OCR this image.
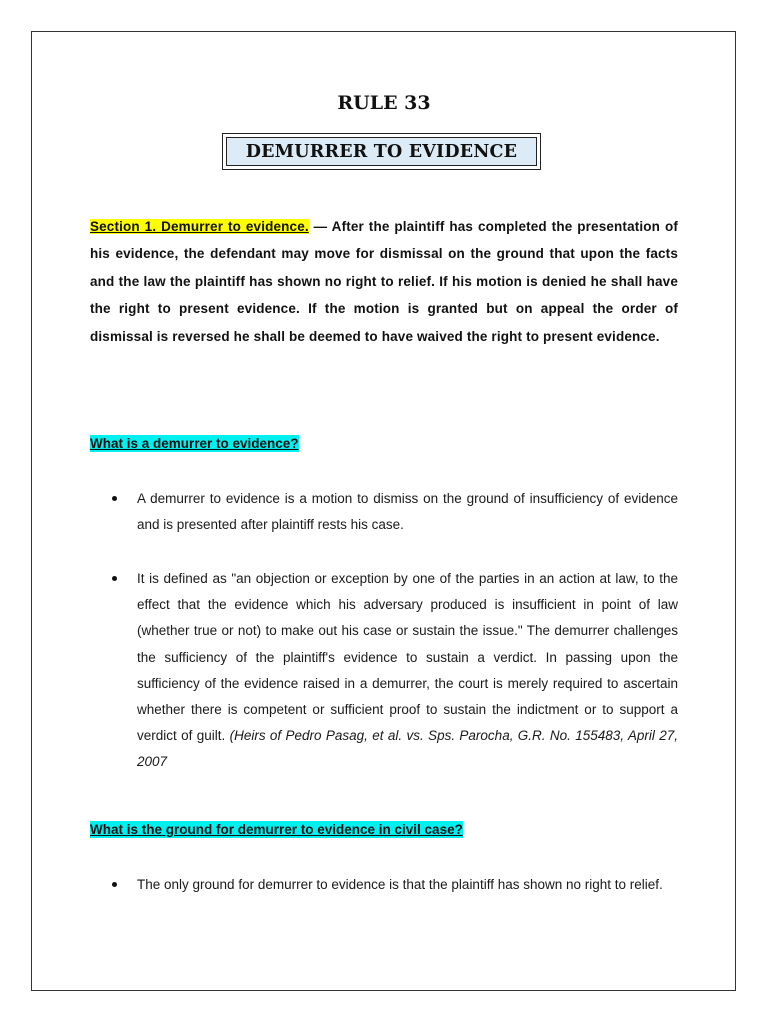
RULE 33
DEMURRER TO EVIDENCE
Section 1. Demurrer to evidence. — After the plaintiff has completed the presentation of his evidence, the defendant may move for dismissal on the ground that upon the facts and the law the plaintiff has shown no right to relief. If his motion is denied he shall have the right to present evidence. If the motion is granted but on appeal the order of dismissal is reversed he shall be deemed to have waived the right to present evidence.
What is a demurrer to evidence?
A demurrer to evidence is a motion to dismiss on the ground of insufficiency of evidence and is presented after plaintiff rests his case.
It is defined as "an objection or exception by one of the parties in an action at law, to the effect that the evidence which his adversary produced is insufficient in point of law (whether true or not) to make out his case or sustain the issue." The demurrer challenges the sufficiency of the plaintiff's evidence to sustain a verdict. In passing upon the sufficiency of the evidence raised in a demurrer, the court is merely required to ascertain whether there is competent or sufficient proof to sustain the indictment or to support a verdict of guilt. (Heirs of Pedro Pasag, et al. vs. Sps. Parocha, G.R. No. 155483, April 27, 2007
What is the ground for demurrer to evidence in civil case?
The only ground for demurrer to evidence is that the plaintiff has shown no right to relief.
